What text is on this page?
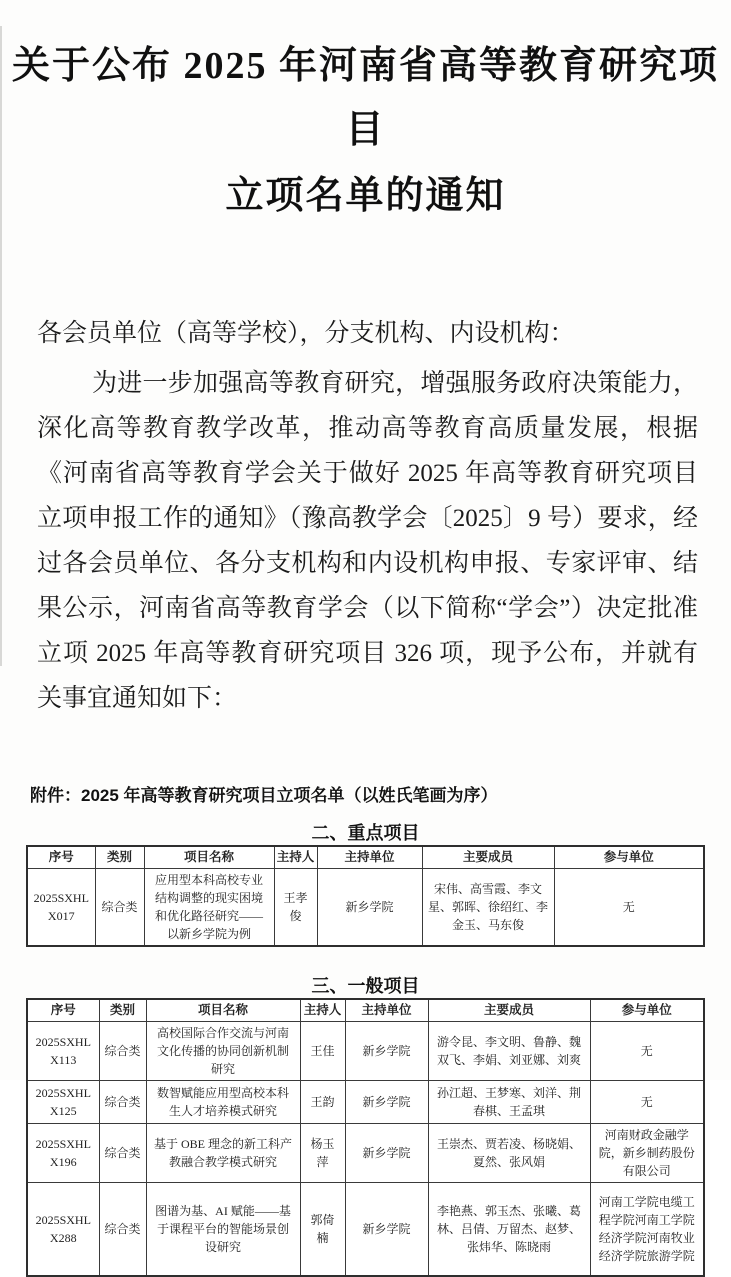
关于公布 2025 年河南省高等教育研究项目
立项名单的通知

各会员单位（高等学校），分支机构、内设机构：

为进一步加强高等教育研究，增强服务政府决策能力，深化高等教育教学改革，推动高等教育高质量发展，根据《河南省高等教育学会关于做好 2025 年高等教育研究项目立项申报工作的通知》（豫高教学会〔2025〕9 号）要求，经过各会员单位、各分支机构和内设机构申报、专家评审、结果公示，河南省高等教育学会（以下简称“学会”）决定批准立项 2025 年高等教育研究项目 326 项，现予公布，并就有关事宜通知如下：

附件：2025 年高等教育研究项目立项名单（以姓氏笔画为序）
二、重点项目
序号	类别	项目名称	主持人	主持单位	主要成员	参与单位
2025SXHLX017	综合类	应用型本科高校专业结构调整的现实困境和优化路径研究——以新乡学院为例	王孝俊	新乡学院	宋伟、高雪霞、李文星、郭晖、徐绍红、李金玉、马东俊	无
三、一般项目
序号	类别	项目名称	主持人	主持单位	主要成员	参与单位
2025SXHLX113	综合类	高校国际合作交流与河南文化传播的协同创新机制研究	王佳	新乡学院	游令昆、李文明、鲁静、魏双飞、李娟、刘亚娜、刘爽	无
2025SXHLX125	综合类	数智赋能应用型高校本科生人才培养模式研究	王韵	新乡学院	孙江超、王梦寒、刘洋、荆春棋、王孟琪	无
2025SXHLX196	综合类	基于 OBE 理念的新工科产教融合教学模式研究	杨玉萍	新乡学院	王崇杰、贾若凌、杨晓娟、夏然、张风娟	河南财政金融学院，新乡制药股份有限公司
2025SXHLX288	综合类	图谱为基、AI 赋能——基于课程平台的智能场景创设研究	郭倚楠	新乡学院	李艳燕、郭玉杰、张曦、葛林、吕倩、万留杰、赵梦、张炜华、陈晓雨	河南工学院电缆工程学院河南工学院经济学院河南牧业经济学院旅游学院
